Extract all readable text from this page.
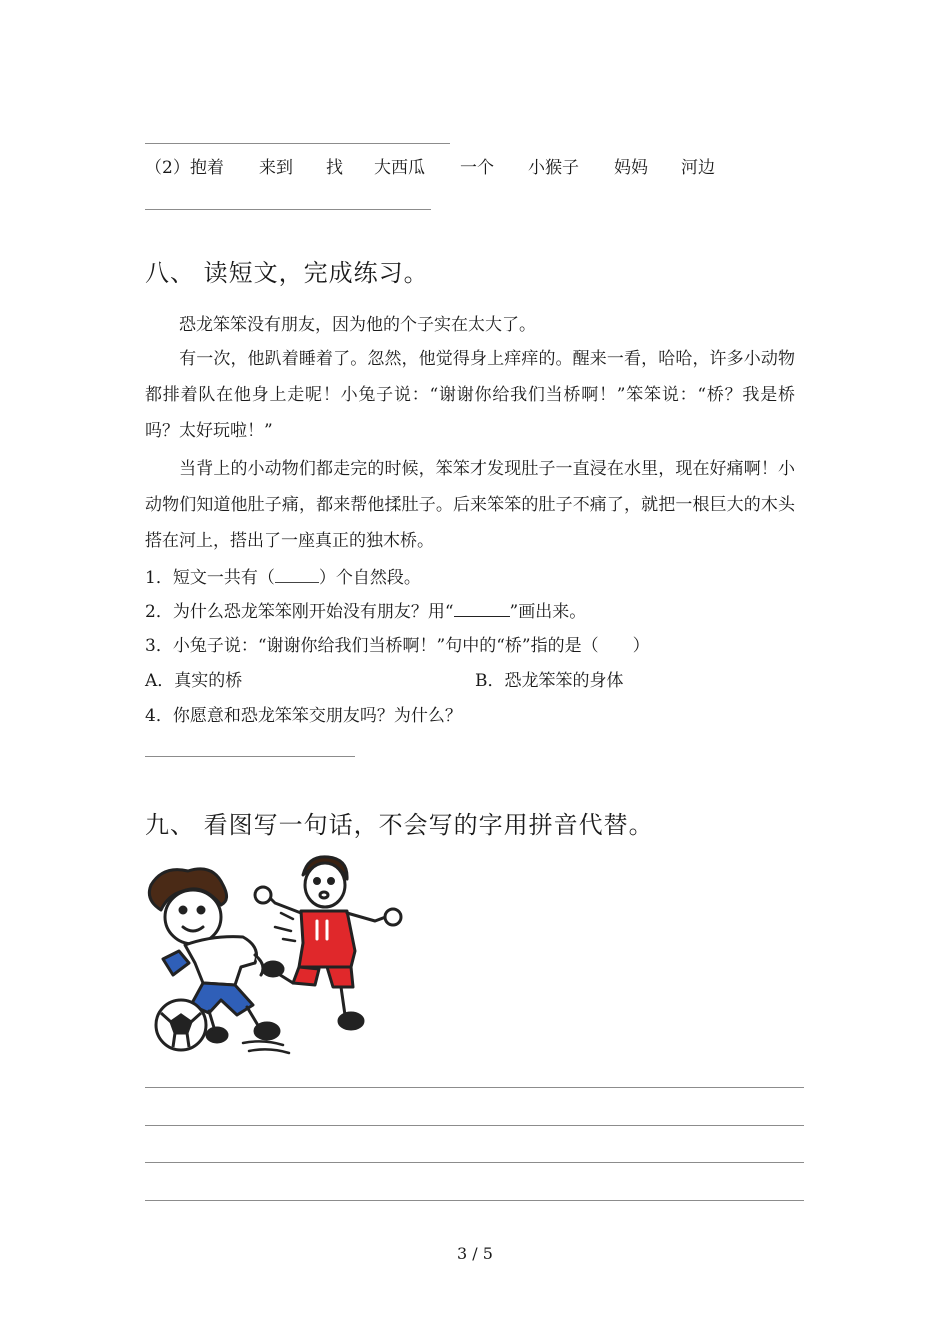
（2） 抱着 来到 找 大西瓜 一个 小猴子 妈妈 河边
八、 读短文，完成练习。
恐龙笨笨没有朋友，因为他的个子实在太大了。
有一次，他趴着睡着了。忽然，他觉得身上痒痒的。醒来一看，哈哈，许多小动物都排着队在他身上走呢！小兔子说：“谢谢你给我们当桥啊！”笨笨说：“桥？我是桥吗？太好玩啦！”
当背上的小动物们都走完的时候，笨笨才发现肚子一直浸在水里，现在好痛啊！小动物们知道他肚子痛，都来帮他揉肚子。后来笨笨的肚子不痛了，就把一根巨大的木头搭在河上，搭出了一座真正的独木桥。
1．短文一共有（	）个自然段。
2．为什么恐龙笨笨刚开始没有朋友？用“	”画出来。
3．小兔子说：“谢谢你给我们当桥啊！”句中的“桥”指的是（　　）
A．真实的桥	B．恐龙笨笨的身体
4．你愿意和恐龙笨笨交朋友吗？为什么？
九、 看图写一句话，不会写的字用拼音代替。
3 / 5
